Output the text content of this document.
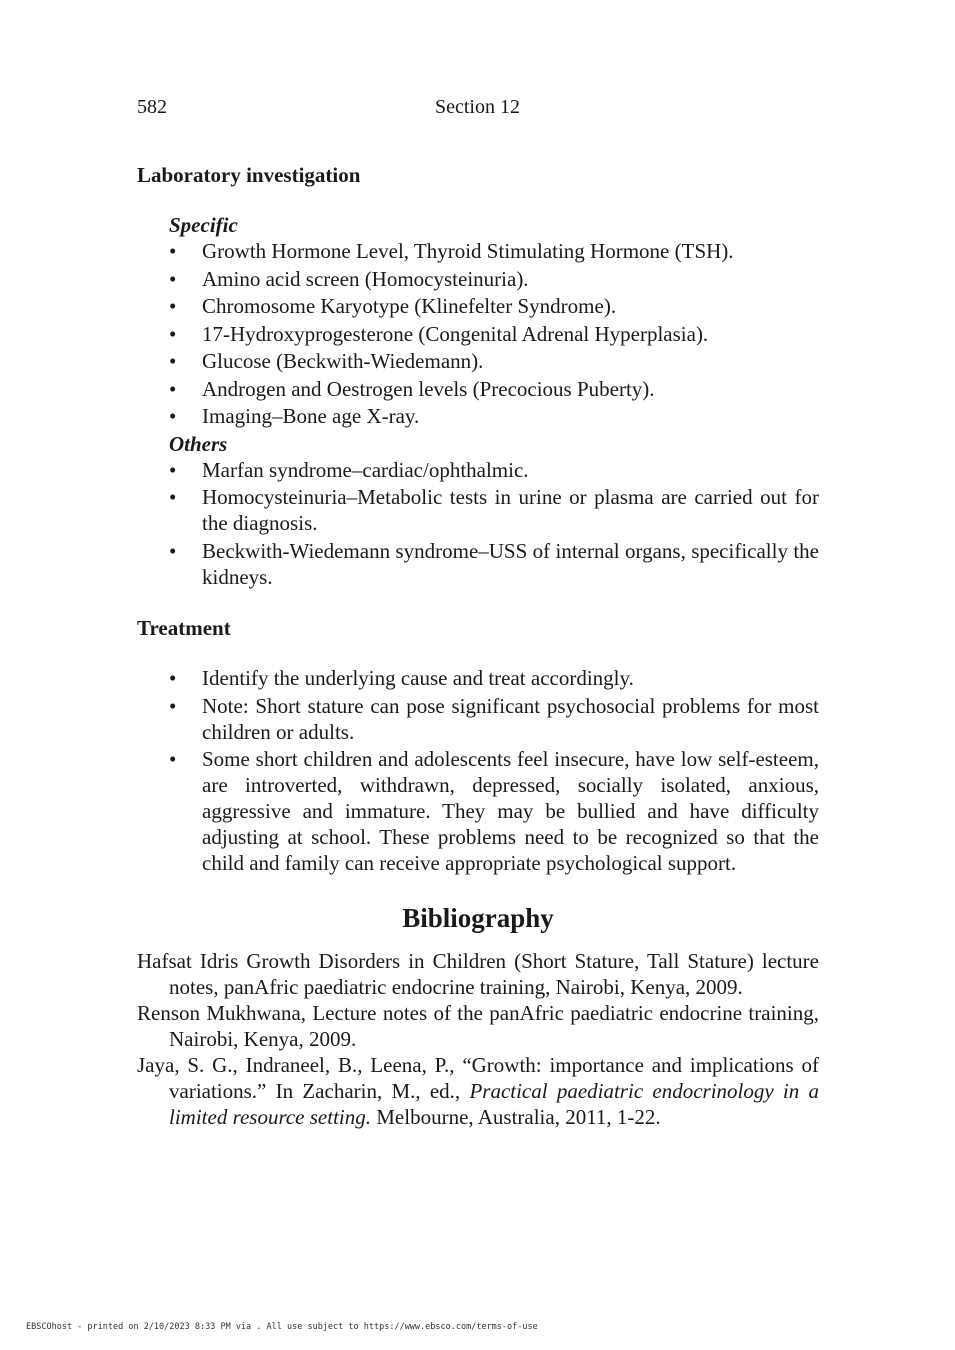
582	Section 12

Laboratory investigation

Specific

• Growth Hormone Level, Thyroid Stimulating Hormone (TSH).
• Amino acid screen (Homocysteinuria).
• Chromosome Karyotype (Klinefelter Syndrome).
• 17-Hydroxyprogesterone (Congenital Adrenal Hyperplasia).
• Glucose (Beckwith-Wiedemann).
• Androgen and Oestrogen levels (Precocious Puberty).
• Imaging–Bone age X-ray.

Others

• Marfan syndrome–cardiac/ophthalmic.
• Homocysteinuria–Metabolic tests in urine or plasma are carried out for the diagnosis.
• Beckwith-Wiedemann syndrome–USS of internal organs, specifically the kidneys.

Treatment

• Identify the underlying cause and treat accordingly.
• Note: Short stature can pose significant psychosocial problems for most children or adults.
• Some short children and adolescents feel insecure, have low self-esteem, are introverted, withdrawn, depressed, socially isolated, anxious, aggressive and immature. They may be bullied and have difficulty adjusting at school. These problems need to be recognized so that the child and family can receive appropriate psychological support.

Bibliography

Hafsat Idris Growth Disorders in Children (Short Stature, Tall Stature) lecture notes, panAfric paediatric endocrine training, Nairobi, Kenya, 2009.

Renson Mukhwana, Lecture notes of the panAfric paediatric endocrine training, Nairobi, Kenya, 2009.

Jaya, S. G., Indraneel, B., Leena, P., “Growth: importance and implications of variations.” In Zacharin, M., ed., Practical paediatric endocrinology in a limited resource setting. Melbourne, Australia, 2011, 1-22.

EBSCOhost - printed on 2/10/2023 8:33 PM via . All use subject to https://www.ebsco.com/terms-of-use
